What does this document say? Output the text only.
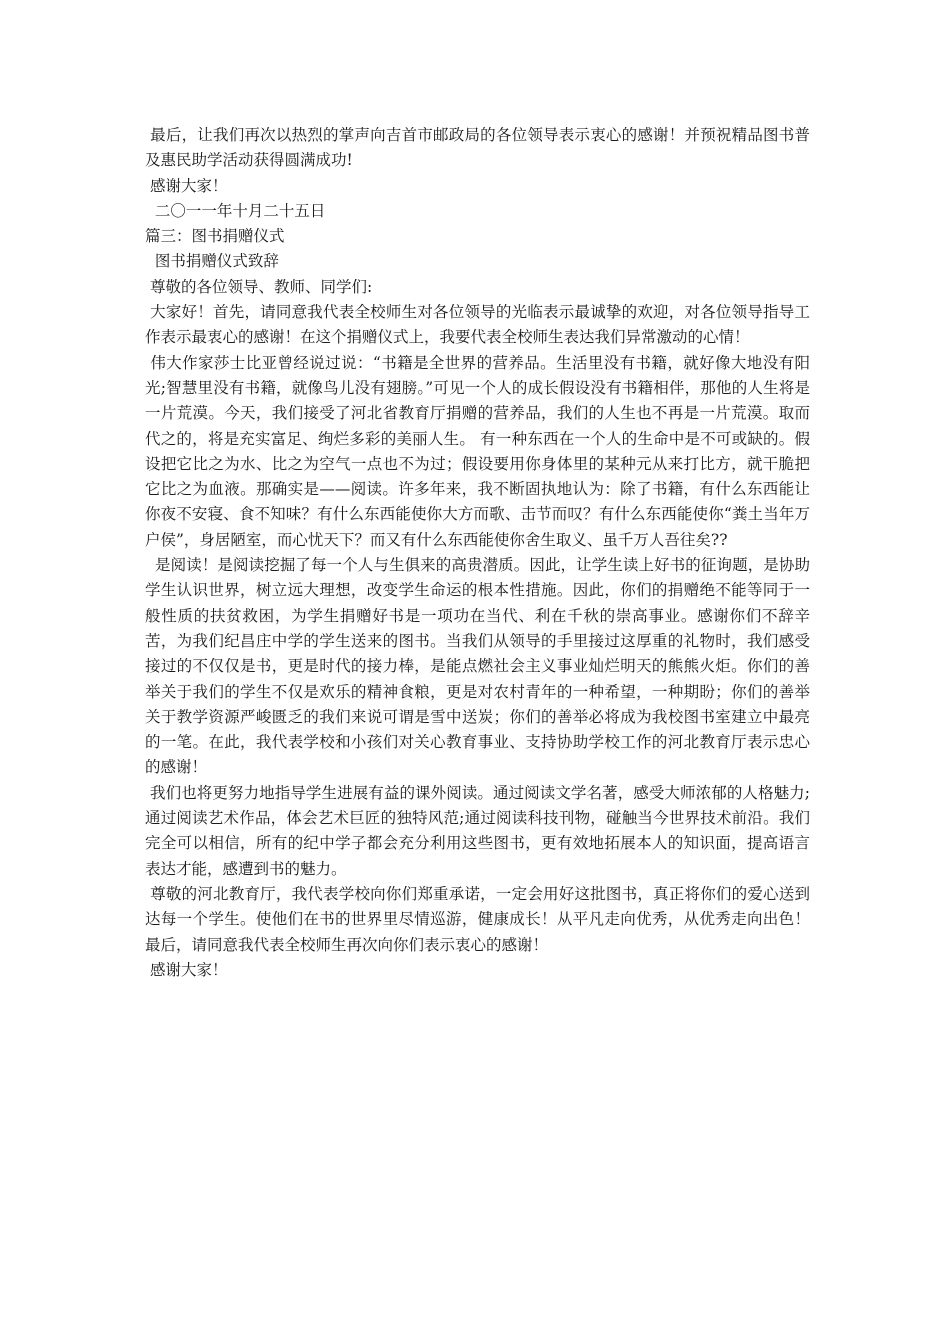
最后，让我们再次以热烈的掌声向吉首市邮政局的各位领导表示衷心的感谢！并预祝精品图书普及惠民助学活动获得圆满成功!

感谢大家！

二〇一一年十月二十五日

篇三：图书捐赠仪式

图书捐赠仪式致辞

尊敬的各位领导、教师、同学们:

大家好！首先，请同意我代表全校师生对各位领导的光临表示最诚挚的欢迎，对各位领导指导工作表示最衷心的感谢！在这个捐赠仪式上，我要代表全校师生表达我们异常激动的心情！

伟大作家莎士比亚曾经说过说：“书籍是全世界的营养品。生活里没有书籍，就好像大地没有阳光;智慧里没有书籍，就像鸟儿没有翅膀。”可见一个人的成长假设没有书籍相伴，那他的人生将是一片荒漠。今天，我们接受了河北省教育厅捐赠的营养品，我们的人生也不再是一片荒漠。取而代之的，将是充实富足、绚烂多彩的美丽人生。 有一种东西在一个人的生命中是不可或缺的。假设把它比之为水、比之为空气一点也不为过；假设要用你身体里的某种元从来打比方，就干脆把它比之为血液。那确实是——阅读。许多年来，我不断固执地认为：除了书籍，有什么东西能让你夜不安寝、食不知味？有什么东西能使你大方而歌、击节而叹？有什么东西能使你“粪土当年万户侯”，身居陋室，而心忧天下？而又有什么东西能使你舍生取义、虽千万人吾往矣??

是阅读！是阅读挖掘了每一个人与生俱来的高贵潜质。因此，让学生读上好书的征询题，是协助学生认识世界，树立远大理想，改变学生命运的根本性措施。因此，你们的捐赠绝不能等同于一般性质的扶贫救困，为学生捐赠好书是一项功在当代、利在千秋的崇高事业。感谢你们不辞辛苦，为我们纪昌庄中学的学生送来的图书。当我们从领导的手里接过这厚重的礼物时，我们感受接过的不仅仅是书，更是时代的接力棒，是能点燃社会主义事业灿烂明天的熊熊火炬。你们的善举关于我们的学生不仅是欢乐的精神食粮，更是对农村青年的一种希望，一种期盼；你们的善举关于教学资源严峻匮乏的我们来说可谓是雪中送炭；你们的善举必将成为我校图书室建立中最亮的一笔。在此，我代表学校和小孩们对关心教育事业、支持协助学校工作的河北教育厅表示忠心的感谢！

我们也将更努力地指导学生进展有益的课外阅读。通过阅读文学名著，感受大师浓郁的人格魅力;通过阅读艺术作品，体会艺术巨匠的独特风范;通过阅读科技刊物，碰触当今世界技术前沿。我们完全可以相信，所有的纪中学子都会充分利用这些图书，更有效地拓展本人的知识面，提高语言表达才能，感遭到书的魅力。

尊敬的河北教育厅，我代表学校向你们郑重承诺，一定会用好这批图书，真正将你们的爱心送到达每一个学生。使他们在书的世界里尽情巡游，健康成长！从平凡走向优秀，从优秀走向出色！最后，请同意我代表全校师生再次向你们表示衷心的感谢！

感谢大家！
